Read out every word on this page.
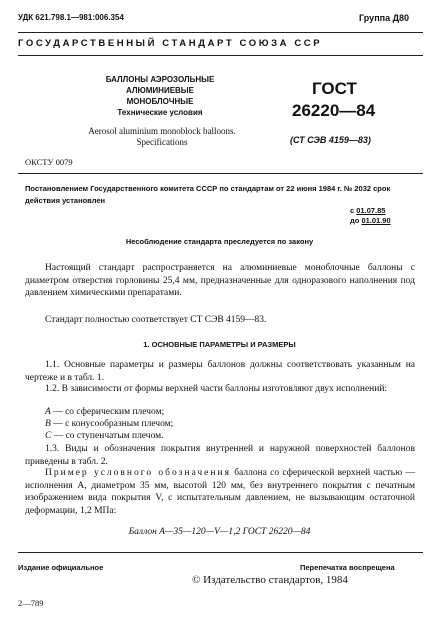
УДК 621.798.1—981:006.354	Группа Д80
ГОСУДАРСТВЕННЫЙ СТАНДАРТ СОЮЗА ССР
БАЛЛОНЫ АЭРОЗОЛЬНЫЕ
АЛЮМИНИЕВЫЕ МОНОБЛОЧНЫЕ
Технические условия
Aerosol aluminium monoblock balloons.
Specifications
ГОСТ
26220—84
(СТ СЭВ 4159—83)
ОКСТУ 0079
Постановлением Государственного комитета СССР по стандартам от 22 июня 1984 г. № 2032 срок действия установлен
с 01.07.85
до 01.01.90
Несоблюдение стандарта преследуется по закону
Настоящий стандарт распространяется на алюминиевые моноблочные баллоны с диаметром отверстия горловины 25,4 мм, предназначенные для одноразового наполнения под давлением химическими препаратами.
Стандарт полностью соответствует СТ СЭВ 4159—83.
1. ОСНОВНЫЕ ПАРАМЕТРЫ И РАЗМЕРЫ
1.1. Основные параметры и размеры баллонов должны соответствовать указанным на чертеже и в табл. 1.
1.2. В зависимости от формы верхней части баллоны изготовляют двух исполнений:
А — со сферическим плечом;
В — с конусообразным плечом;
С — со ступенчатым плечом.
1.3. Виды и обозначения покрытия внутренней и наружной поверхностей баллонов приведены в табл. 2.
Пример условного обозначения баллона со сферической верхней частью — исполнения А, диаметром 35 мм, высотой 120 мм, без внутреннего покрытия с печатным изображением вида покрытия V, с испытательным давлением, не вызывающим остаточной деформации, 1,2 МПа:
Баллон А—35—120—V—1,2 ГОСТ 26220—84
Издание официальное	Перепечатка воспрещена
© Издательство стандартов, 1984
2—789
